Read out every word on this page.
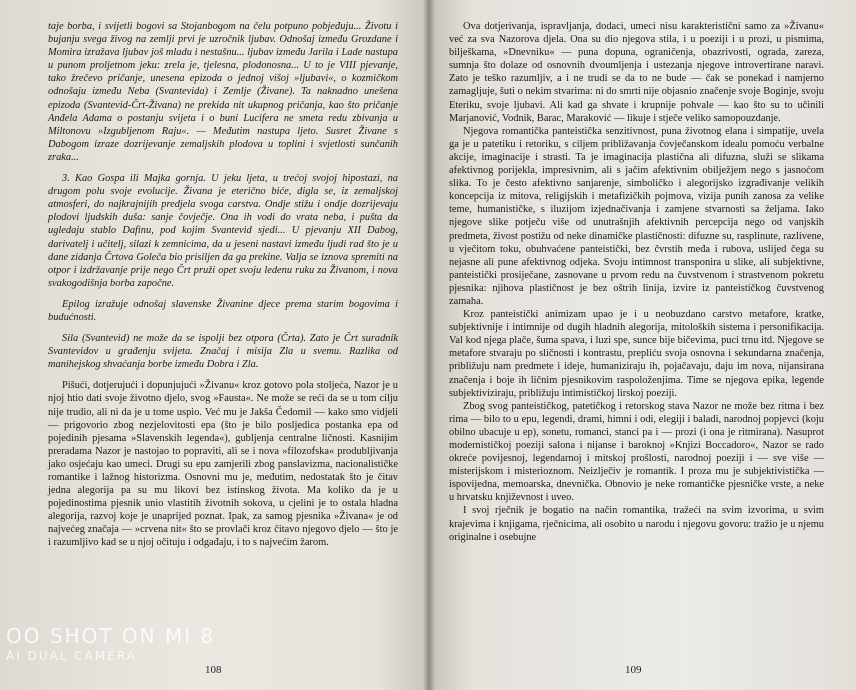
taje borba, i svijetli bogovi sa Stojanbogom na čelu potpuno pobjeđuju... Životu i bujanju svega živog na zemlji prvi je uzročnik ljubav. Odnošaj između Grozdane i Momira izražava ljubav još mladu i nestašnu... ljubav između Jarila i Lade nastupa u punom proljetnom jeku: zrela je, tjelesna, plodonosna... U to je VIII pjevanje, tako žrečevo pričanje, unesena epizoda o jednoj višoj »ljubavi«, o kozmičkom odnošaju između Neba (Svantevida) i Zemlje (Živane). Ta naknadno unešena epizoda (Svantevid-Črt-Živana) ne prekida nit ukupnog pričanja, kao što pričanje Anđela Adama o postanju svijeta i o buni Lucifera ne smeta redu zbivanja u Miltonovu »Izgubljenom Raju«. — Međutim nastupa ljeto. Susret Živane s Dabogom izraze dozrijevanje zemaljskih plodova u toplini i svjetlosti sunčanih zraka...

3. Kao Gospa ili Majka gornja. U jeku ljeta, u trećoj svojoj hipostazi, na drugom polu svoje evolucije. Živana je eterično biće, digla se, iz zemaljskoj atmosferi, do najkrajnijih predjela svoga carstva. Ondje stižu i ondje dozrijevaju plodovi ljudskih duša: sanje čovječje. Ona ih vodi do vrata neba, i pušta da ugledaju stablo Dafinu, pod kojim Svantevid sjedi... U pjevanju XII Dabog, darivatelj i učitelj, silazi k zemnicima, da u jeseni nastavi između ljudi rad što je u dane zidanja Črtova Goleča bio prisiljen da ga prekine. Valja se iznova spremiti na otpor i izdržavanje prije nego Črt pruži opet svoju ledenu ruku za Živanom, i nova svakogodišnja borba započne.

Epilog izražuje odnošaj slavenske Živanine djece prema starim bogovima i budućnosti.

Sila (Svantevid) ne može da se ispolji bez otpora (Črta). Zato je Črt suradnik Svantevidov u građenju svijeta. Značaj i misija Zla u svemu. Razlika od manihejskog shvaćanja borbe između Dobra i Zla.

Pišući, dotjerujući i dopunjujući »Živanu« kroz gotovo pola stoljeća, Nazor je u njoj htio dati svoje životno djelo, svog »Fausta«. Ne može se reći da se u tom cilju nije trudio, ali ni da je u tome uspio. Već mu je Jakša Čedomil — kako smo vidjeli — prigovorio zbog nezjelovitosti epa (što je bilo posljedica postanka epa od pojedinih pjesama »Slavenskih legenda«), gubljenja centralne ličnosti. Kasnijim preradama Nazor je nastojao to popraviti, ali se i nova »filozofska« produbljivanja jako osjećaju kao umeci. Drugi su epu zamjerili zbog panslavizma, nacionalističke romantike i lažnog historizma. Osnovni mu je, međutim, nedostatak što je čitav jedna alegorija pa su mu likovi bez istinskog života. Ma koliko da je u pojedinostima pjesnik unio vlastitih životnih sokova, u cjelini je to ostala hladna alegorija, razvoj koje je unaprijed poznat. Ipak, za samog pjesnika »Živana« je od najvećeg značaja — »crvena nit« što se provlači kroz čitavo njegovo djelo — što je i razumljivo kad se u njoj očituju i odgađaju, i to s najvećim žarom.

108

Ova dotjerivanja, ispravljanja, dodaci, umeci nisu karakteristični samo za »Živanu« već za sva Nazorova djela. Ona su dio njegova stila, i u poeziji i u prozi, u pismima, bilješkama, »Dnevniku« — puna dopuna, ograničenja, obazrivosti, ograda, zareza, sumnja što dolaze od osnovnih dvoumljenja i ustezanja njegove introvertirane naravi. Zato je teško razumljiv, a i ne trudi se da to ne bude — čak se ponekad i namjerno zamagljuje, šuti o nekim stvarima: ni do smrti nije objasnio značenje svoje Boginje, svoju Eteriku, svoje ljubavi. Ali kad ga shvate i krupnije pohvale — kao što su to učinili Marjanović, Vodnik, Barac, Maraković — likuje i stječe veliko samopouzdanje.

Njegova romantička panteistička senzitivnost, puna životnog elana i simpatije, uvela ga je u patetiku i retoriku, s ciljem približavanja čovječanskom idealu pomoću verbalne akcije, imaginacije i strasti. Ta je imaginacija plastična ali difuzna, služi se slikama afektivnog porijekla, impresivnim, ali s jačim afektivnim obilježjem nego s jasnoćom slika. To je često afektivno sanjarenje, simboličko i alegorijsko izgrađivanje velikih koncepcija iz mitova, religijskih i metafizičkih pojmova, vizija punih zanosa za velike teme, humanističke, s iluzijom izjednačivanja i zamjene stvarnosti sa željama. Iako njegove slike potječu više od unutrašnjih afektivnih percepcija nego od vanjskih predmeta, živost postižu od neke dinamičke plastičnosti: difuzne su, rasplinute, razlivene, u vječitom toku, obuhvaćene panteistički, bez čvrstih međa i rubova, uslijed čega su nejasne ali pune afektivnog odjeka. Svoju intimnost transponira u slike, ali subjektivne, panteistički prosiječane, zasnovane u prvom redu na čuvstvenom i strastvenom pokretu pjesnika: njihova plastičnost je bez oštrih linija, izvire iz panteističkog čuvstvenog zamaha.

Kroz panteistički animizam upao je i u neobuzdano carstvo metafore, kratke, subjektivnije i intimnije od dugih hladnih alegorija, mitoloških sistema i personifikacija. Val kod njega plače, šuma spava, i luzi spe, sunce bije bičevima, puci trnu itd. Njegove se metafore stvaraju po sličnosti i kontrastu, prepliću svoja osnovna i sekundarna značenja, približuju nam predmete i ideje, humaniziraju ih, pojačavaju, daju im nova, nijansirana značenja i boje ih ličnim pjesnikovim raspoloženjima. Time se njegova epika, legende subjektiviziraju, približuju intimističkoj lirskoj poeziji.

Zbog svog panteističkog, patetičkog i retorskog stava Nazor ne može bez ritma i bez rima — bilo to u epu, legendi, drami, himni i odi, elegiji i baladi, narodnoj popjevci (koju obilno ubacuje u ep), sonetu, romanci, stanci pa i — prozi (i ona je ritmirana). Nasuprot modernističkoj poeziji salona i nijanse i baroknoj »Knjizi Boccadoro«, Nazor se rado okreće povijesnoj, legendarnoj i mitskoj prošlosti, narodnoj poeziji i — sve više — misterijskom i misterioznom. Neizlječiv je romantik. I proza mu je subjektivistička — ispovijedna, memoarska, dnevnička. Obnovio je neke romantičke pjesničke vrste, a neke u hrvatsku književnost i uveo.

I svoj rječnik je bogatio na način romantika, tražeći na svim izvorima, u svim krajevima i knjigama, rječnicima, ali osobito u narodu i njegovu govoru: tražio je u njemu originalne i osebujne

109
OO SHOT ON MI 8
AI DUAL CAMERA
